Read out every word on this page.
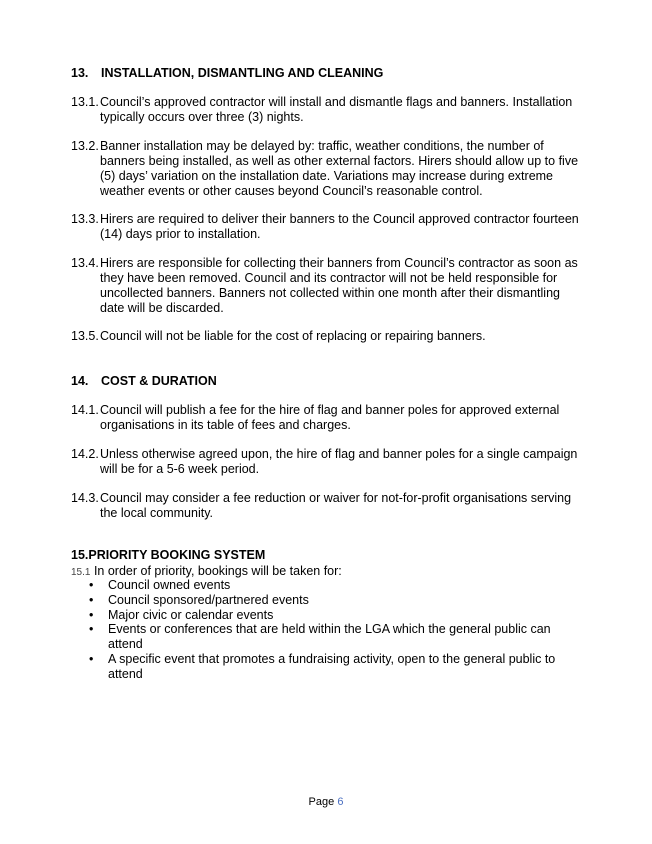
13.	INSTALLATION, DISMANTLING AND CLEANING
13.1. Council’s approved contractor will install and dismantle flags and banners. Installation typically occurs over three (3) nights.
13.2. Banner installation may be delayed by: traffic, weather conditions, the number of banners being installed, as well as other external factors. Hirers should allow up to five (5) days’ variation on the installation date. Variations may increase during extreme weather events or other causes beyond Council’s reasonable control.
13.3. Hirers are required to deliver their banners to the Council approved contractor fourteen (14) days prior to installation.
13.4. Hirers are responsible for collecting their banners from Council’s contractor as soon as they have been removed. Council and its contractor will not be held responsible for uncollected banners. Banners not collected within one month after their dismantling date will be discarded.
13.5. Council will not be liable for the cost of replacing or repairing banners.
14.	COST & DURATION
14.1. Council will publish a fee for the hire of flag and banner poles for approved external organisations in its table of fees and charges.
14.2. Unless otherwise agreed upon, the hire of flag and banner poles for a single campaign will be for a 5-6 week period.
14.3. Council may consider a fee reduction or waiver for not-for-profit organisations serving the local community.
15.PRIORITY BOOKING SYSTEM
15.1 In order of priority, bookings will be taken for:
• Council owned events
• Council sponsored/partnered events
• Major civic or calendar events
• Events or conferences that are held within the LGA which the general public can attend
• A specific event that promotes a fundraising activity, open to the general public to attend
Page 6
